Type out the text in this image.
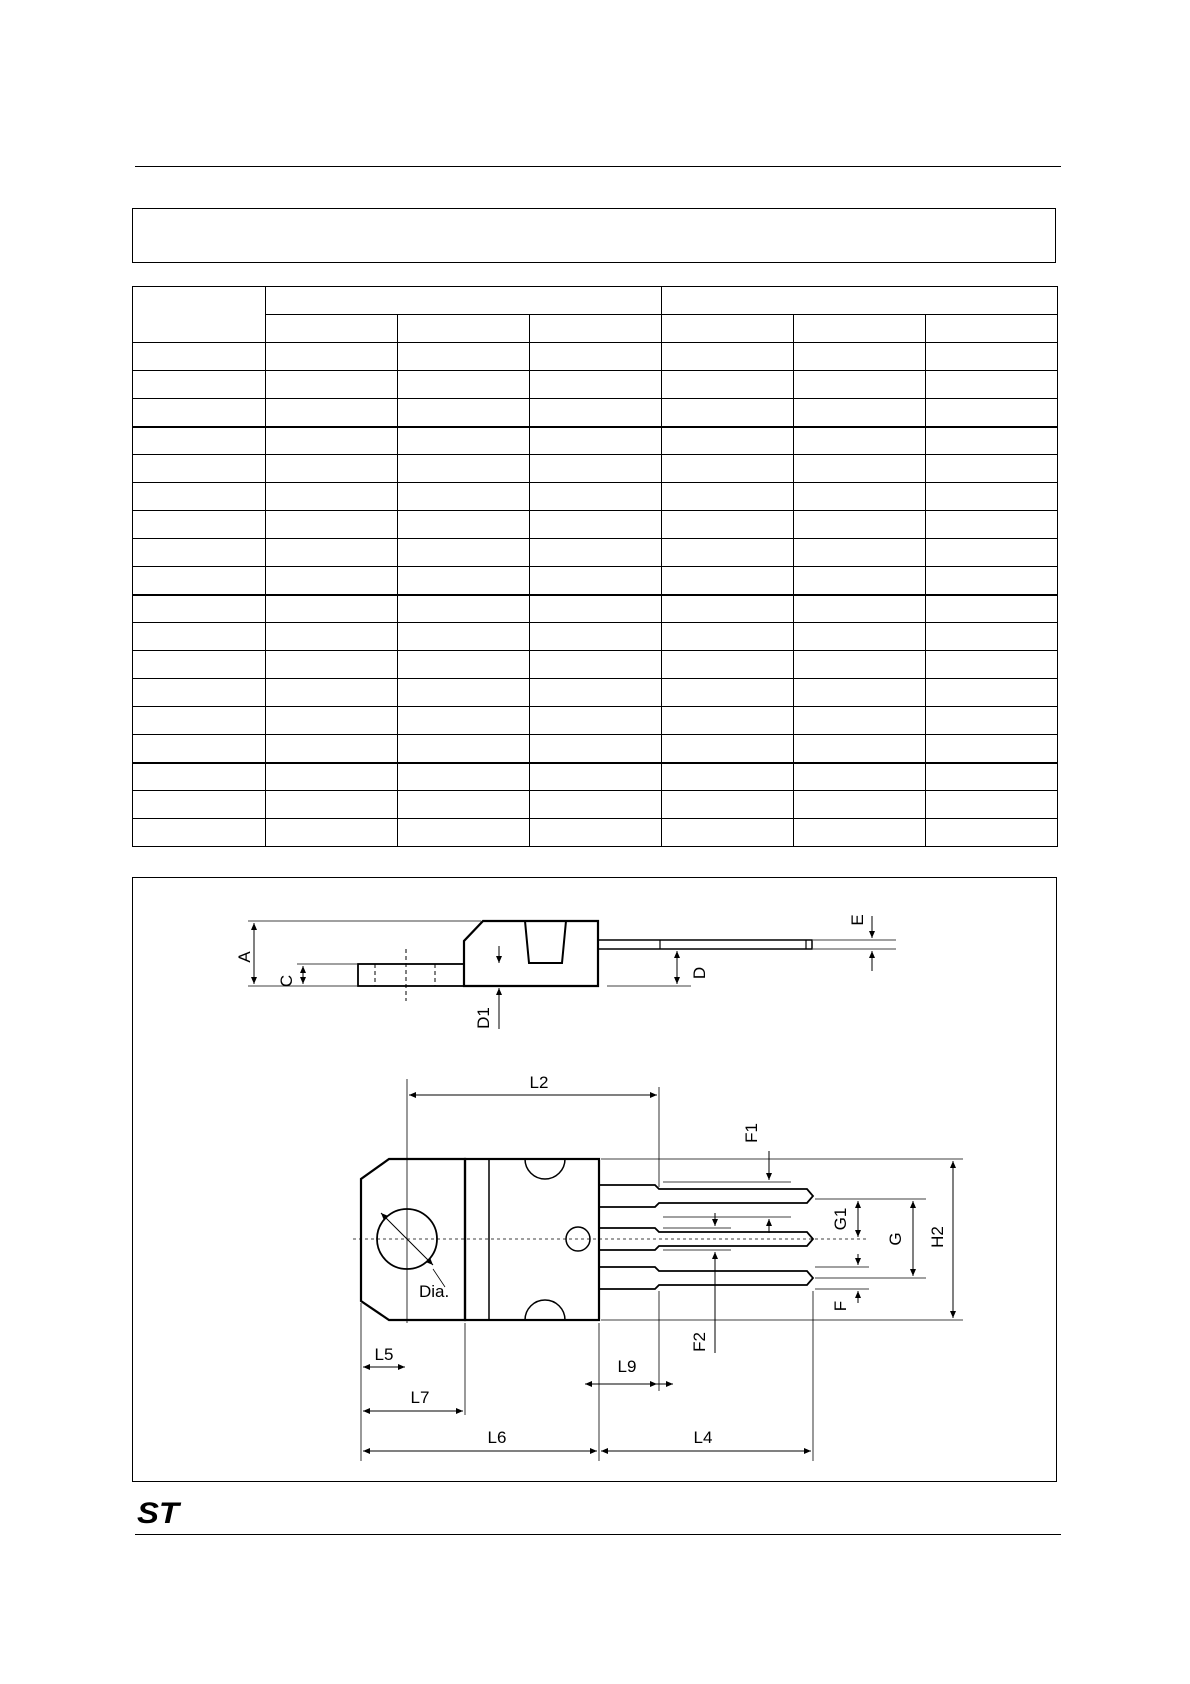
A
C
D
D1
E
L2
F1
G1
G H2
Dia.
F
F2
L5
L9
L7
L6	L4
ST
